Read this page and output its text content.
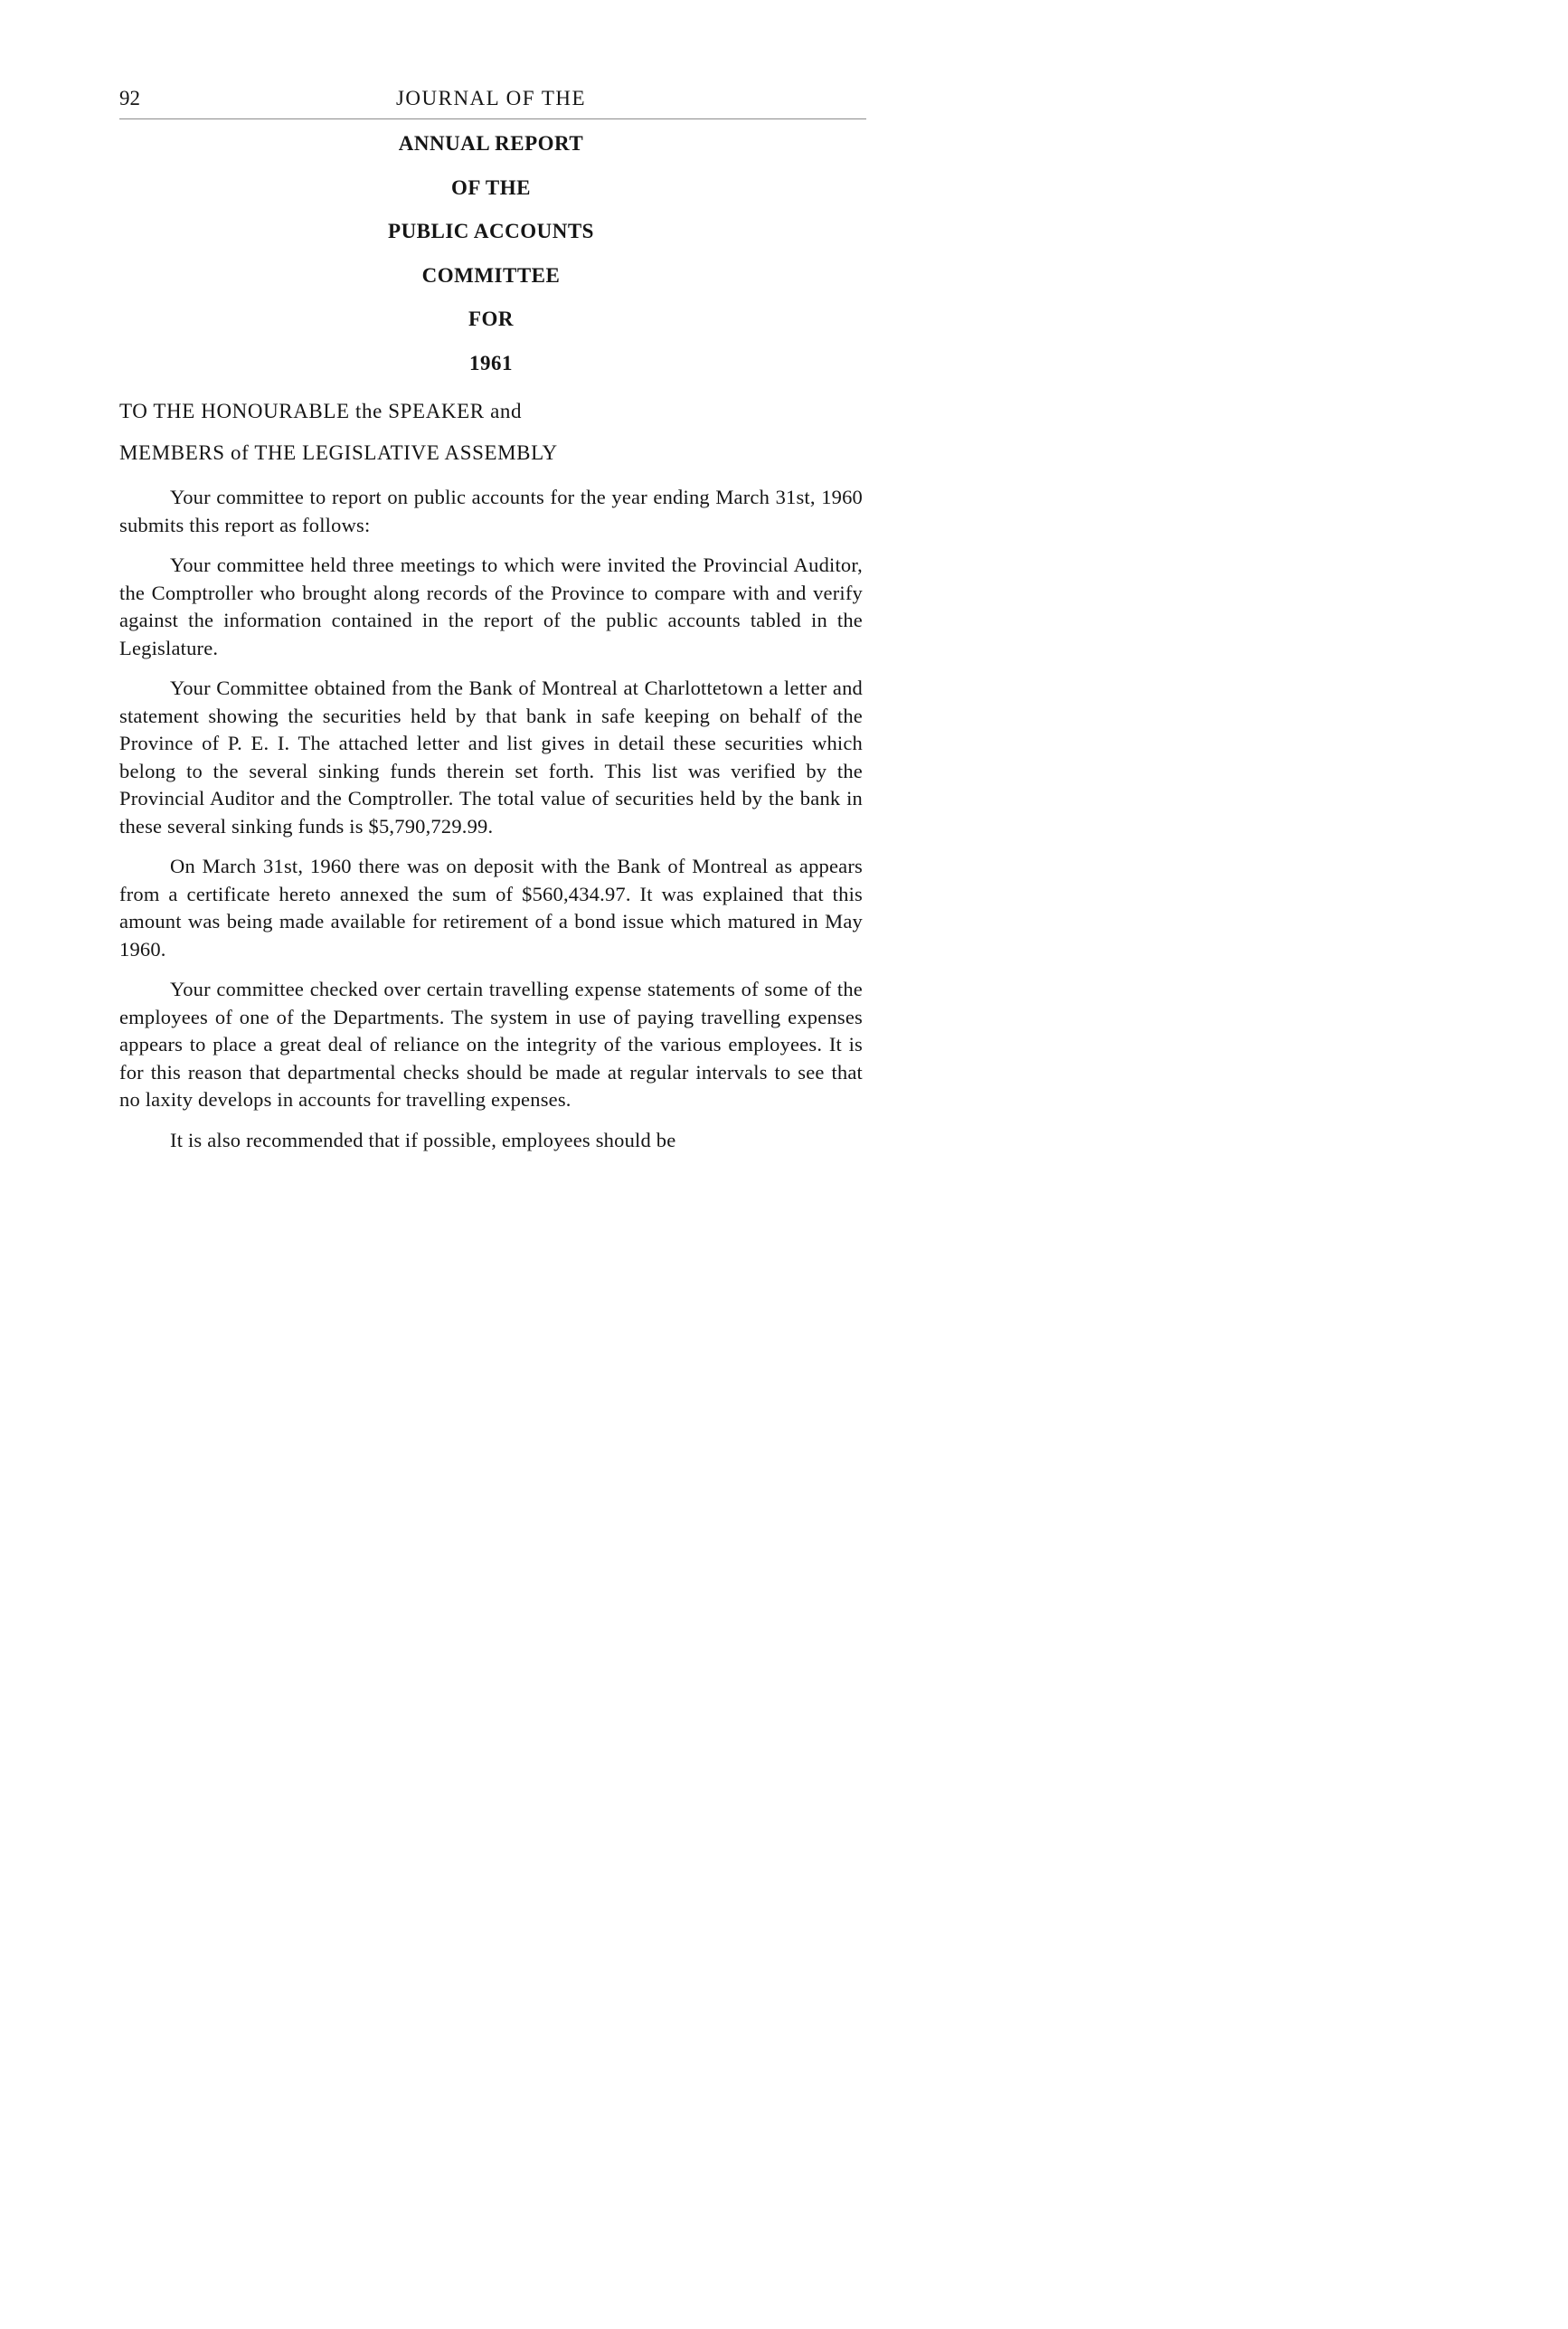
92	JOURNAL OF THE
ANNUAL REPORT
OF THE
PUBLIC ACCOUNTS
COMMITTEE
FOR
1961
TO THE HONOURABLE the SPEAKER and
MEMBERS of THE LEGISLATIVE ASSEMBLY

Your committee to report on public accounts for the year ending March 31st, 1960 submits this report as follows:

Your committee held three meetings to which were invited the Provincial Auditor, the Comptroller who brought along records of the Province to compare with and verify against the information contained in the report of the public accounts tabled in the Legislature.

Your Committee obtained from the Bank of Montreal at Charlottetown a letter and statement showing the securities held by that bank in safe keeping on behalf of the Province of P. E. I. The attached letter and list gives in detail these securities which belong to the several sinking funds therein set forth. This list was verified by the Provincial Auditor and the Comptroller. The total value of securities held by the bank in these several sinking funds is $5,790,729.99.

On March 31st, 1960 there was on deposit with the Bank of Montreal as appears from a certificate hereto annexed the sum of $560,434.97. It was explained that this amount was being made available for retirement of a bond issue which matured in May 1960.

Your committee checked over certain travelling expense statements of some of the employees of one of the Departments. The system in use of paying travelling expenses appears to place a great deal of reliance on the integrity of the various employees. It is for this reason that departmental checks should be made at regular intervals to see that no laxity develops in accounts for travelling expenses.

It is also recommended that if possible, employees should be
